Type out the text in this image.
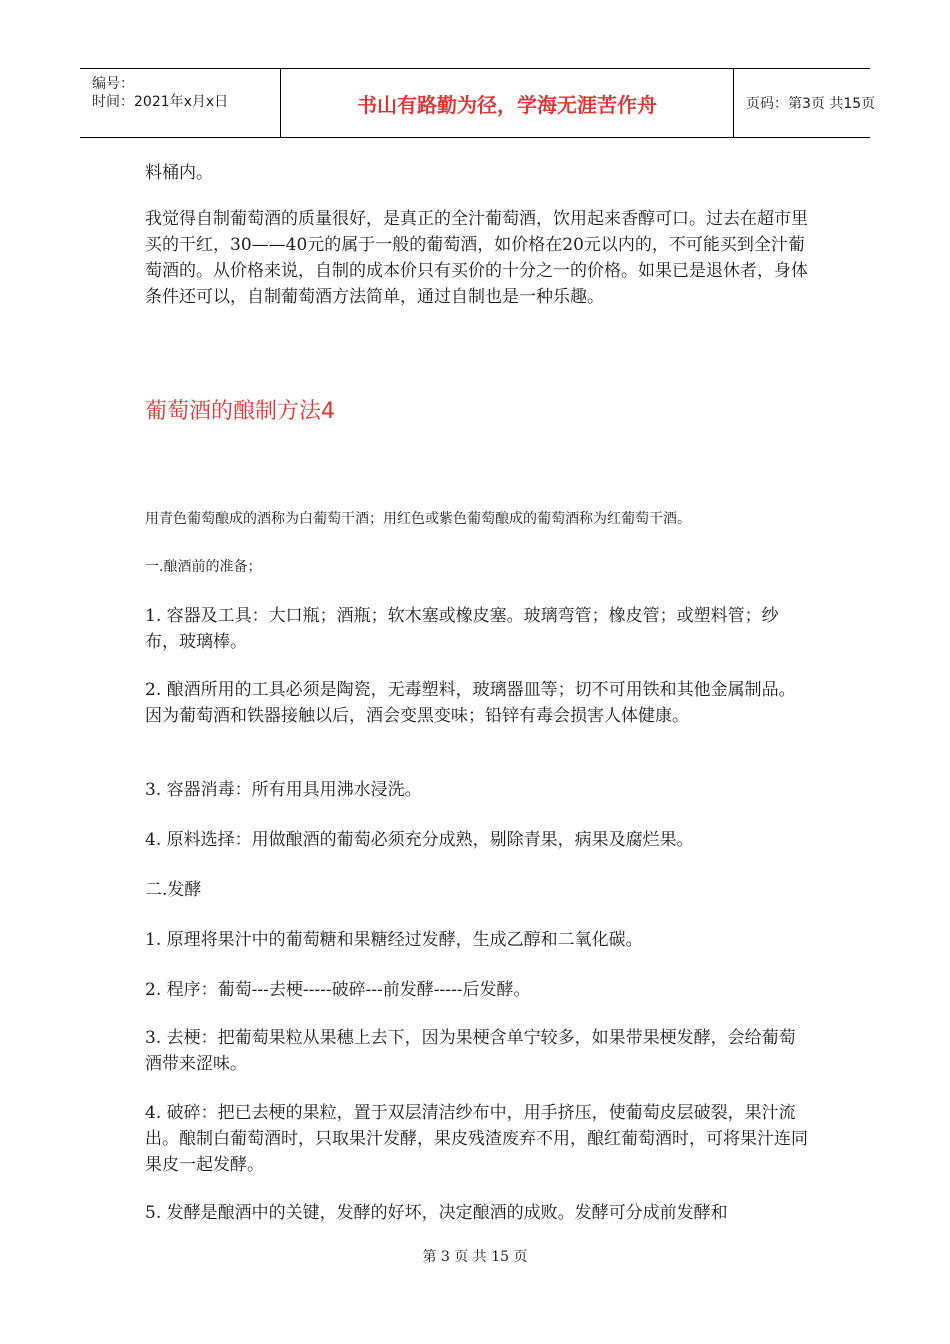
编号：
时间：2021年x月x日	书山有路勤为径，学海无涯苦作舟	页码：第3页 共15页
料桶内。
我觉得自制葡萄酒的质量很好，是真正的全汁葡萄酒，饮用起来香醇可口。过去在超市里买的干红，30——40元的属于一般的葡萄酒，如价格在20元以内的，不可能买到全汁葡萄酒的。从价格来说，自制的成本价只有买价的十分之一的价格。如果已是退休者，身体条件还可以，自制葡萄酒方法简单，通过自制也是一种乐趣。
葡萄酒的酿制方法4
用青色葡萄酿成的酒称为白葡萄干酒；用红色或紫色葡萄酿成的葡萄酒称为红葡萄干酒。
一.酿酒前的准备；
1. 容器及工具：大口瓶；酒瓶；软木塞或橡皮塞。玻璃弯管；橡皮管；或塑料管；纱布，玻璃棒。
2. 酿酒所用的工具必须是陶瓷，无毒塑料，玻璃器皿等；切不可用铁和其他金属制品。因为葡萄酒和铁器接触以后，酒会变黑变味；铅锌有毒会损害人体健康。
3. 容器消毒：所有用具用沸水浸洗。
4. 原料选择：用做酿酒的葡萄必须充分成熟，剔除青果，病果及腐烂果。
二.发酵
1. 原理将果汁中的葡萄糖和果糖经过发酵，生成乙醇和二氧化碳。
2. 程序：葡萄---去梗-----破碎---前发酵-----后发酵。
3. 去梗：把葡萄果粒从果穗上去下，因为果梗含单宁较多，如果带果梗发酵，会给葡萄酒带来涩味。
4. 破碎：把已去梗的果粒，置于双层清洁纱布中，用手挤压，使葡萄皮层破裂，果汁流出。酿制白葡萄酒时，只取果汁发酵，果皮残渣废弃不用，酿红葡萄酒时，可将果汁连同果皮一起发酵。
5. 发酵是酿酒中的关键，发酵的好坏，决定酿酒的成败。发酵可分成前发酵和
第 3 页 共 15 页
